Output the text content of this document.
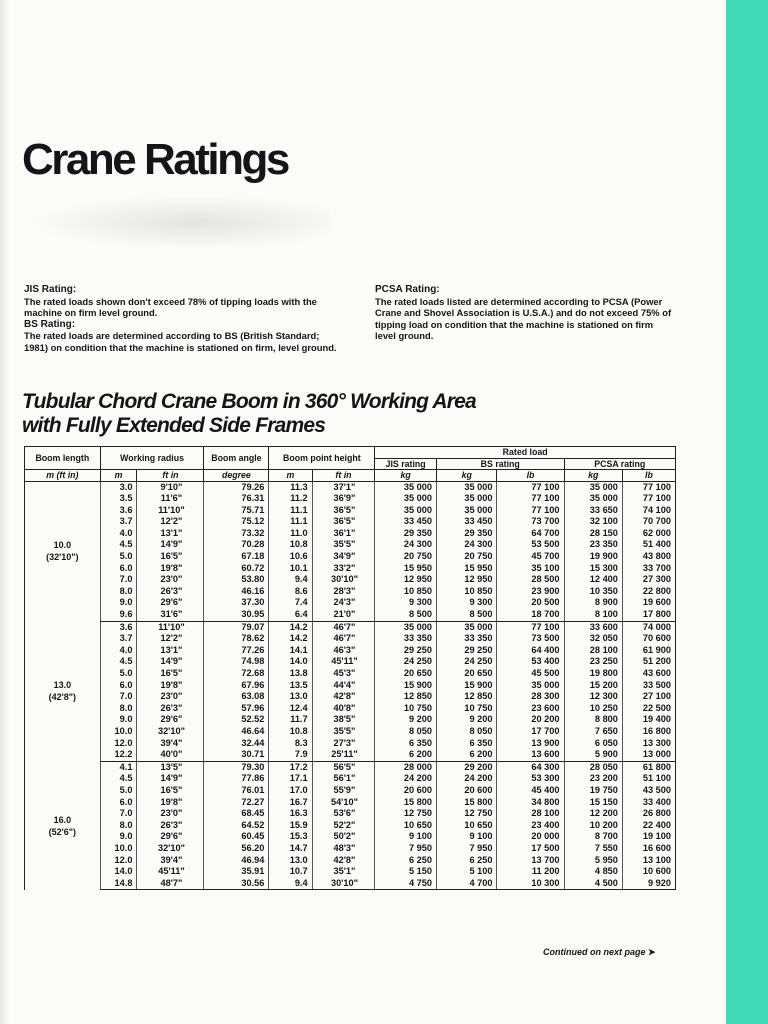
Crane Ratings

JIS Rating:

The rated loads shown don't exceed 78% of tipping loads with the machine on firm level ground.

BS Rating:

The rated loads are determined according to BS (British Standard; 1981) on condition that the machine is stationed on firm, level ground.

PCSA Rating:

The rated loads listed are determined according to PCSA (Power Crane and Shovel Association is U.S.A.) and do not exceed 75% of tipping load on condition that the machine is stationed on firm level ground.

Tubular Chord Crane Boom in 360° Working Area
with Fully Extended Side Frames
Boom length	Working radius		Boom angle	Boom point height		Rated load				
						JIS rating	BS rating		PCSA rating	
m (ft in)	m	ft in	degree	m	ft in	kg	kg	lb	kg	lb

10.0
(32'10")	3.0	9'10"	79.26	11.3	37'1"	35 000	35 000	77 100	35 000	77 100
	3.5	11'6"	76.31	11.2	36'9"	35 000	35 000	77 100	35 000	77 100
	3.6	11'10"	75.71	11.1	36'5"	35 000	35 000	77 100	33 650	74 100
	3.7	12'2"	75.12	11.1	36'5"	33 450	33 450	73 700	32 100	70 700
	4.0	13'1"	73.32	11.0	36'1"	29 350	29 350	64 700	28 150	62 000
	4.5	14'9"	70.28	10.8	35'5"	24 300	24 300	53 500	23 350	51 400
	5.0	16'5"	67.18	10.6	34'9"	20 750	20 750	45 700	19 900	43 800
	6.0	19'8"	60.72	10.1	33'2"	15 950	15 950	35 100	15 300	33 700
	7.0	23'0"	53.80	9.4	30'10"	12 950	12 950	28 500	12 400	27 300
	8.0	26'3"	46.16	8.6	28'3"	10 850	10 850	23 900	10 350	22 800
	9.0	29'6"	37.30	7.4	24'3"	9 300	9 300	20 500	8 900	19 600
	9.6	31'6"	30.95	6.4	21'0"	8 500	8 500	18 700	8 100	17 800

13.0
(42'8")	3.6	11'10"	79.07	14.2	46'7"	35 000	35 000	77 100	33 600	74 000
	3.7	12'2"	78.62	14.2	46'7"	33 350	33 350	73 500	32 050	70 600
	4.0	13'1"	77.26	14.1	46'3"	29 250	29 250	64 400	28 100	61 900
	4.5	14'9"	74.98	14.0	45'11"	24 250	24 250	53 400	23 250	51 200
	5.0	16'5"	72.68	13.8	45'3"	20 650	20 650	45 500	19 800	43 600
	6.0	19'8"	67.96	13.5	44'4"	15 900	15 900	35 000	15 200	33 500
	7.0	23'0"	63.08	13.0	42'8"	12 850	12 850	28 300	12 300	27 100
	8.0	26'3"	57.96	12.4	40'8"	10 750	10 750	23 600	10 250	22 500
	9.0	29'6"	52.52	11.7	38'5"	9 200	9 200	20 200	8 800	19 400
	10.0	32'10"	46.64	10.8	35'5"	8 050	8 050	17 700	7 650	16 800
	12.0	39'4"	32.44	8.3	27'3"	6 350	6 350	13 900	6 050	13 300
	12.2	40'0"	30.71	7.9	25'11"	6 200	6 200	13 600	5 900	13 000

16.0
(52'6")	4.1	13'5"	79.30	17.2	56'5"	28 000	29 200	64 300	28 050	61 800
	4.5	14'9"	77.86	17.1	56'1"	24 200	24 200	53 300	23 200	51 100
	5.0	16'5"	76.01	17.0	55'9"	20 600	20 600	45 400	19 750	43 500
	6.0	19'8"	72.27	16.7	54'10"	15 800	15 800	34 800	15 150	33 400
	7.0	23'0"	68.45	16.3	53'6"	12 750	12 750	28 100	12 200	26 800
	8.0	26'3"	64.52	15.9	52'2"	10 650	10 650	23 400	10 200	22 400
	9.0	29'6"	60.45	15.3	50'2"	9 100	9 100	20 000	8 700	19 100
	10.0	32'10"	56.20	14.7	48'3"	7 950	7 950	17 500	7 550	16 600
	12.0	39'4"	46.94	13.0	42'8"	6 250	6 250	13 700	5 950	13 100
	14.0	45'11"	35.91	10.7	35'1"	5 150	5 100	11 200	4 850	10 600
	14.8	48'7"	30.56	9.4	30'10"	4 750	4 700	10 300	4 500	9 920
Continued on next page ➤
